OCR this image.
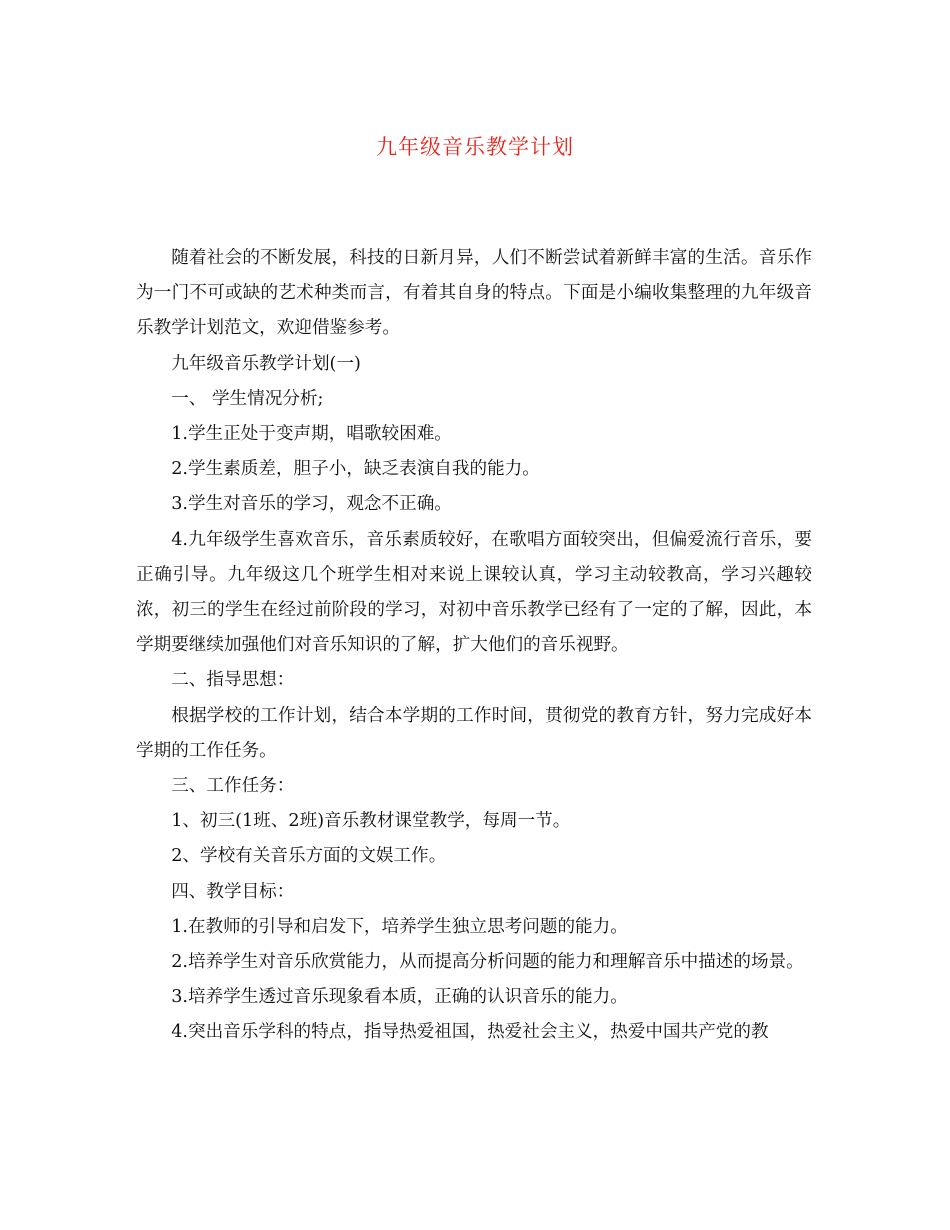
九年级音乐教学计划

随着社会的不断发展，科技的日新月异，人们不断尝试着新鲜丰富的生活。音乐作为一门不可或缺的艺术种类而言，有着其自身的特点。下面是小编收集整理的九年级音乐教学计划范文，欢迎借鉴参考。

九年级音乐教学计划(一)

一、 学生情况分析;

1.学生正处于变声期，唱歌较困难。

2.学生素质差，胆子小，缺乏表演自我的能力。

3.学生对音乐的学习，观念不正确。

4.九年级学生喜欢音乐，音乐素质较好，在歌唱方面较突出，但偏爱流行音乐，要正确引导。九年级这几个班学生相对来说上课较认真，学习主动较教高，学习兴趣较浓，初三的学生在经过前阶段的学习，对初中音乐教学已经有了一定的了解，因此，本学期要继续加强他们对音乐知识的了解，扩大他们的音乐视野。

二、指导思想：

根据学校的工作计划，结合本学期的工作时间，贯彻党的教育方针，努力完成好本学期的工作任务。

三、工作任务：

1、初三(1班、2班)音乐教材课堂教学，每周一节。

2、学校有关音乐方面的文娱工作。

四、教学目标：

1.在教师的引导和启发下，培养学生独立思考问题的能力。

2.培养学生对音乐欣赏能力，从而提高分析问题的能力和理解音乐中描述的场景。

3.培养学生透过音乐现象看本质，正确的认识音乐的能力。

4.突出音乐学科的特点，指导热爱祖国，热爱社会主义，热爱中国共产党的教
